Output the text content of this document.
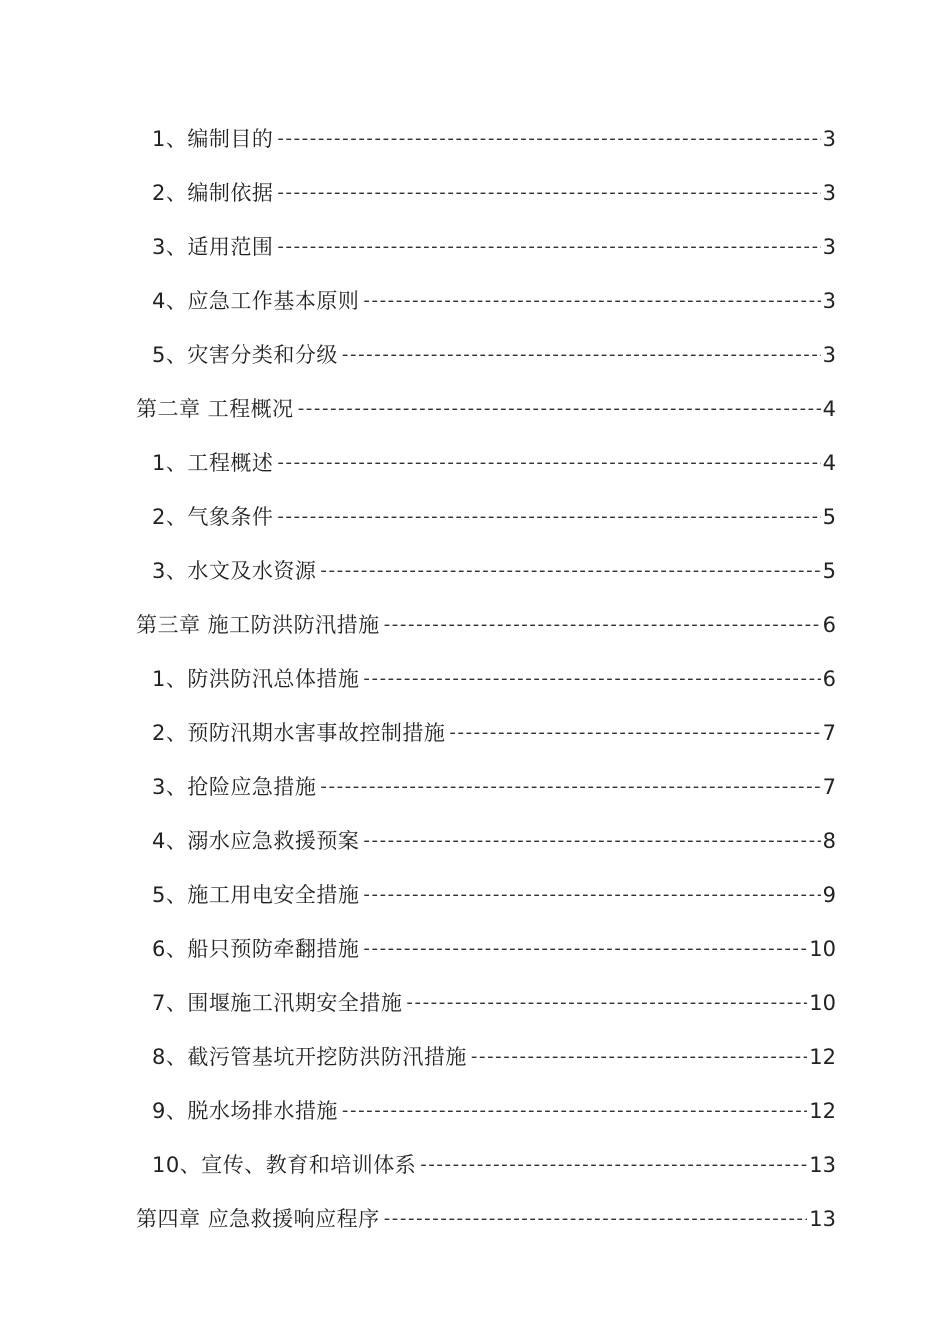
1、编制目的 -----	3
2、编制依据 -----	3
3、适用范围 -----	3
4、应急工作基本原则 -----	3
5、灾害分类和分级 -----	3
第二章 工程概况 -----	4
1、工程概述 -----	4
2、气象条件 -----	5
3、水文及水资源 -----	5
第三章 施工防洪防汛措施 -----	6
1、防洪防汛总体措施 -----	6
2、预防汛期水害事故控制措施 -----	7
3、抢险应急措施 -----	7
4、溺水应急救援预案 -----	8
5、施工用电安全措施 -----	9
6、船只预防牵翻措施 -----	10
7、围堰施工汛期安全措施 -----	10
8、截污管基坑开挖防洪防汛措施 -----	12
9、脱水场排水措施 -----	12
10、宣传、教育和培训体系 -----	13
第四章 应急救援响应程序 -----	13
